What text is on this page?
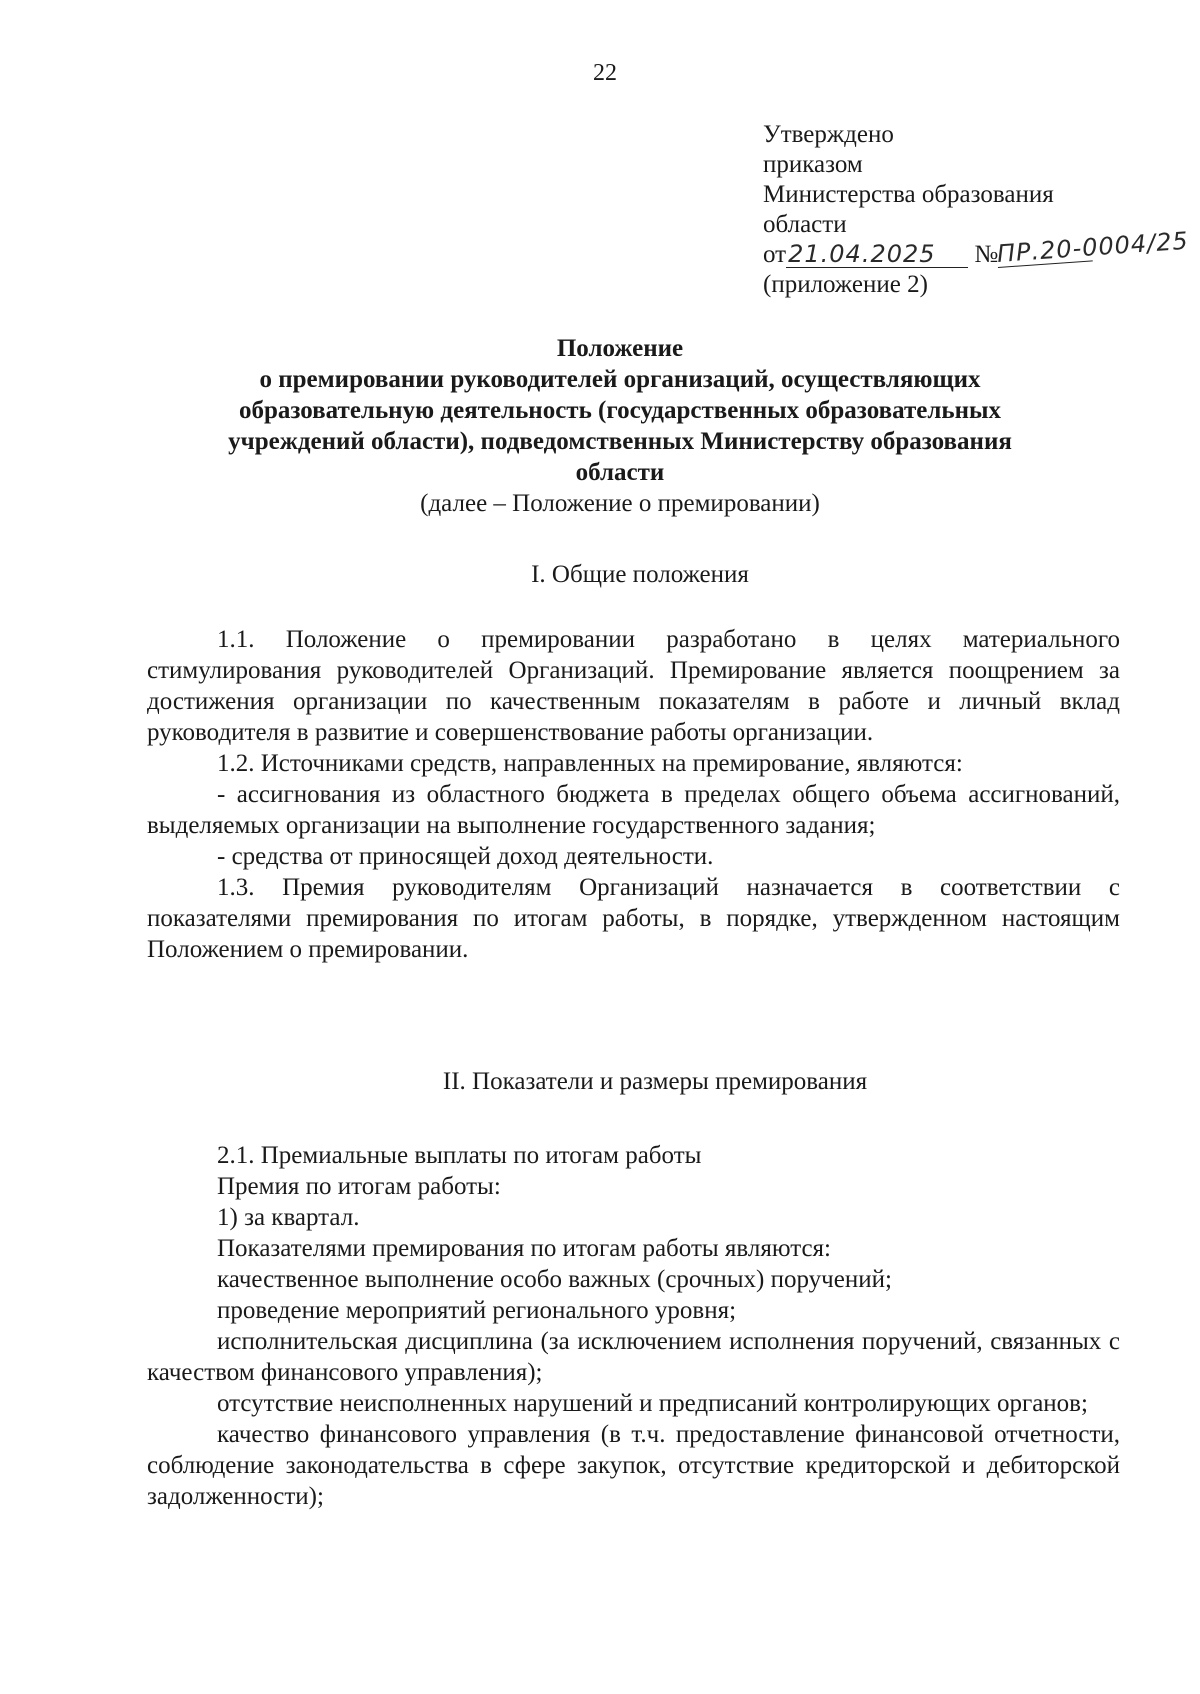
22
Утверждено
приказом
Министерства образования
области
от21.04.2025 №ПР.20-0004/25
(приложение 2)
Положение
о премировании руководителей организаций, осуществляющих
образовательную деятельность (государственных образовательных
учреждений области), подведомственных Министерству образования
области
(далее – Положение о премировании)
I. Общие положения

1.1. Положение о премировании разработано в целях материального стимулирования руководителей Организаций. Премирование является поощрением за достижения организации по качественным показателям в работе и личный вклад руководителя в развитие и совершенствование работы организации.

1.2. Источниками средств, направленных на премирование, являются:

- ассигнования из областного бюджета в пределах общего объема ассигнований, выделяемых организации на выполнение государственного задания;

- средства от приносящей доход деятельности.

1.3. Премия руководителям Организаций назначается в соответствии с показателями премирования по итогам работы, в порядке, утвержденном настоящим Положением о премировании.

II. Показатели и размеры премирования

2.1. Премиальные выплаты по итогам работы

Премия по итогам работы:

1) за квартал.

Показателями премирования по итогам работы являются:

качественное выполнение особо важных (срочных) поручений;

проведение мероприятий регионального уровня;

исполнительская дисциплина (за исключением исполнения поручений, связанных с качеством финансового управления);

отсутствие неисполненных нарушений и предписаний контролирующих органов;

качество финансового управления (в т.ч. предоставление финансовой отчетности, соблюдение законодательства в сфере закупок, отсутствие кредиторской и дебиторской задолженности);
